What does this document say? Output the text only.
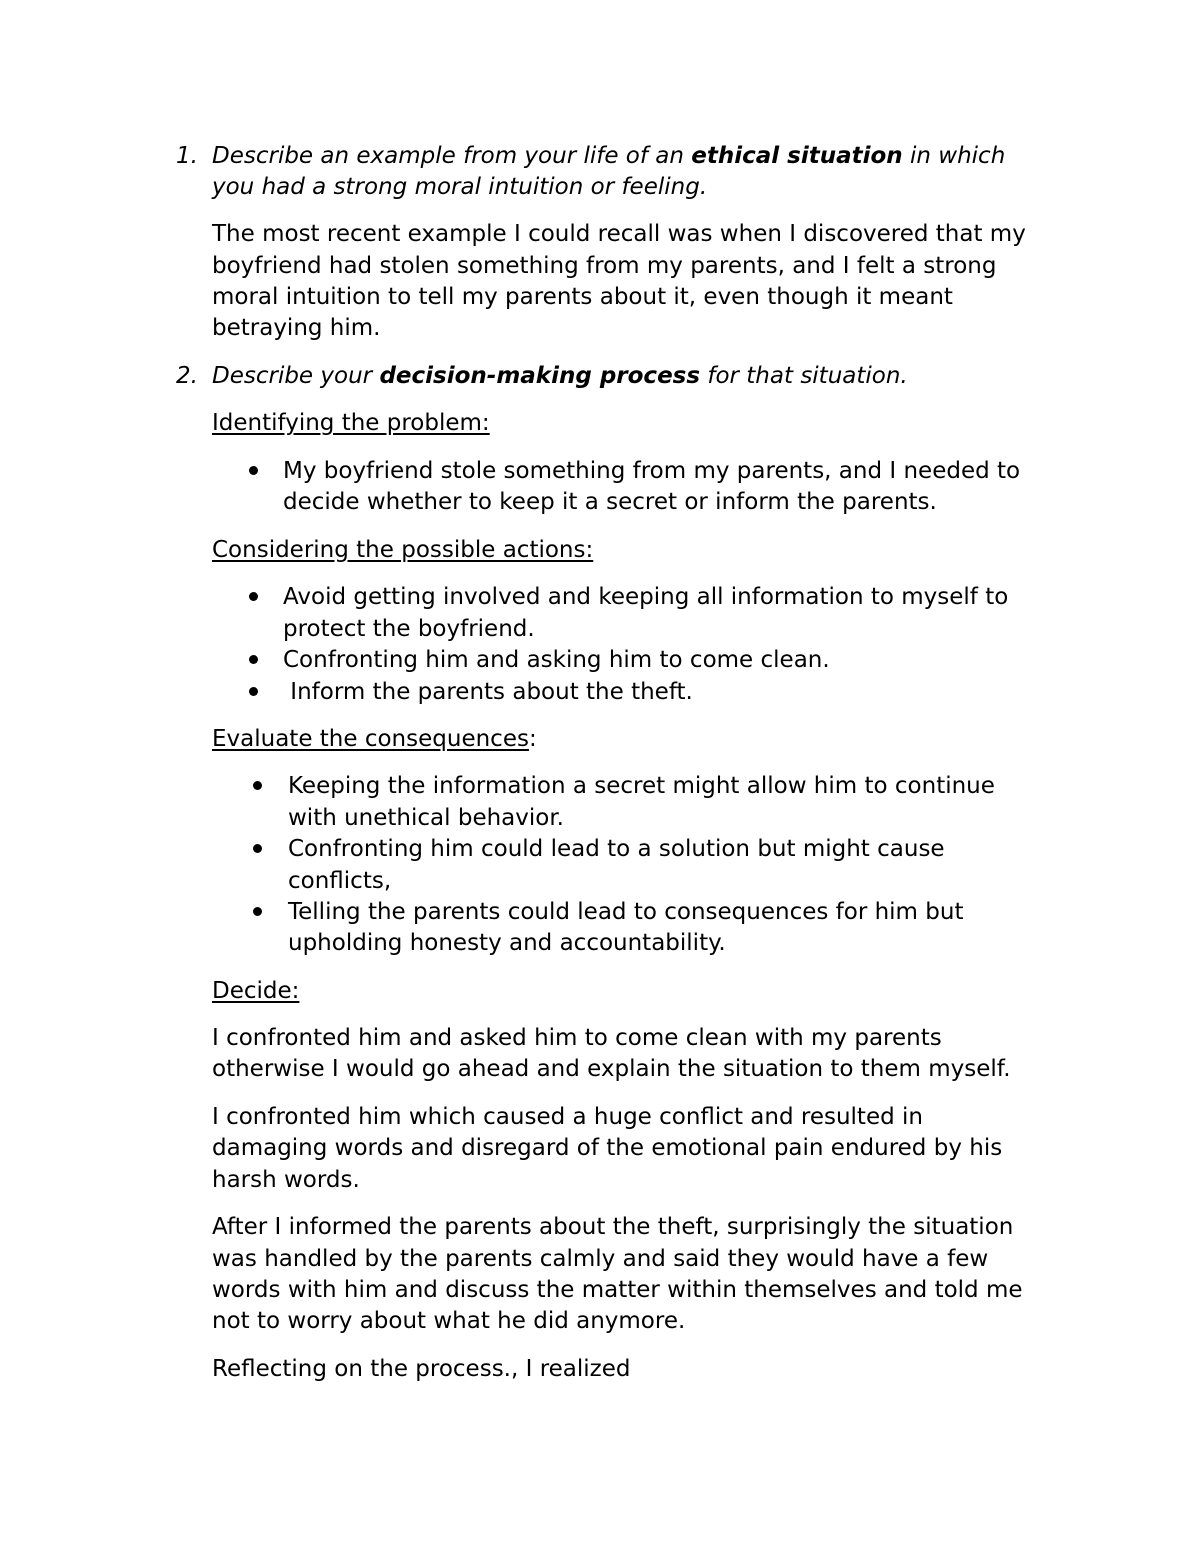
1. Describe an example from your life of an ethical situation in which
you had a strong moral intuition or feeling.
The most recent example I could recall was when I discovered that my
boyfriend had stolen something from my parents, and I felt a strong
moral intuition to tell my parents about it, even though it meant
betraying him.
2. Describe your decision-making process for that situation.
Identifying the problem:
My boyfriend stole something from my parents, and I needed to
decide whether to keep it a secret or inform the parents.
Considering the possible actions:
Avoid getting involved and keeping all information to myself to
protect the boyfriend.
Confronting him and asking him to come clean.
Inform the parents about the theft.
Evaluate the consequences:
Keeping the information a secret might allow him to continue
with unethical behavior.
Confronting him could lead to a solution but might cause
conflicts,
Telling the parents could lead to consequences for him but
upholding honesty and accountability.
Decide:
I confronted him and asked him to come clean with my parents
otherwise I would go ahead and explain the situation to them myself.
I confronted him which caused a huge conflict and resulted in
damaging words and disregard of the emotional pain endured by his
harsh words.
After I informed the parents about the theft, surprisingly the situation
was handled by the parents calmly and said they would have a few
words with him and discuss the matter within themselves and told me
not to worry about what he did anymore.
Reflecting on the process., I realized
